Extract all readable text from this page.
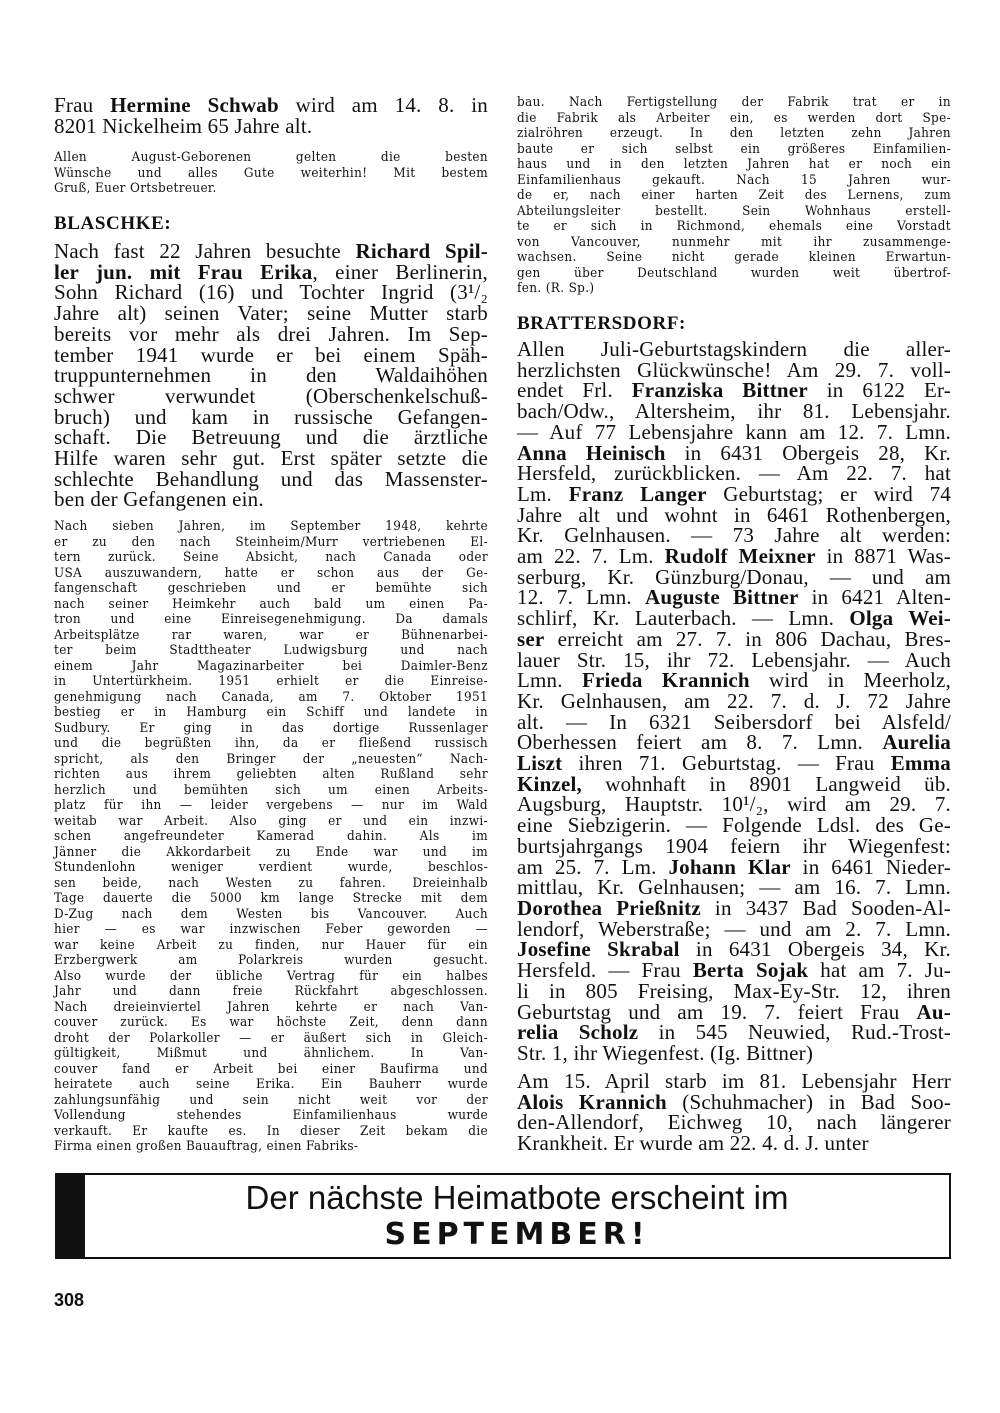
Frau Hermine Schwab wird am 14. 8. in
8201 Nickelheim 65 Jahre alt.
Allen August-Geborenen gelten die besten
Wünsche und alles Gute weiterhin! Mit bestem
Gruß, Euer Ortsbetreuer.
BLASCHKE:
Nach fast 22 Jahren besuchte Richard Spil-
ler jun. mit Frau Erika, einer Berlinerin,
Sohn Richard (16) und Tochter Ingrid (3¹/₂
Jahre alt) seinen Vater; seine Mutter starb
bereits vor mehr als drei Jahren. Im Sep-
tember 1941 wurde er bei einem Späh-
truppunternehmen in den Waldaihöhen
schwer verwundet (Oberschenkelschuß-
bruch) und kam in russische Gefangen-
schaft. Die Betreuung und die ärztliche
Hilfe waren sehr gut. Erst später setzte die
schlechte Behandlung und das Massenster-
ben der Gefangenen ein.
Nach sieben Jahren, im September 1948, kehrte
er zu den nach Steinheim/Murr vertriebenen El-
tern zurück. Seine Absicht, nach Canada oder
USA auszuwandern, hatte er schon aus der Ge-
fangenschaft geschrieben und er bemühte sich
nach seiner Heimkehr auch bald um einen Pa-
tron und eine Einreisegenehmigung. Da damals
Arbeitsplätze rar waren, war er Bühnenarbei-
ter beim Stadttheater Ludwigsburg und nach
einem Jahr Magazinarbeiter bei Daimler-Benz
in Untertürkheim. 1951 erhielt er die Einreise-
genehmigung nach Canada, am 7. Oktober 1951
bestieg er in Hamburg ein Schiff und landete in
Sudbury. Er ging in das dortige Russenlager
und die begrüßten ihn, da er fließend russisch
spricht, als den Bringer der „neuesten“ Nach-
richten aus ihrem geliebten alten Rußland sehr
herzlich und bemühten sich um einen Arbeits-
platz für ihn — leider vergebens — nur im Wald
weitab war Arbeit. Also ging er und ein inzwi-
schen angefreundeter Kamerad dahin. Als im
Jänner die Akkordarbeit zu Ende war und im
Stundenlohn weniger verdient wurde, beschlos-
sen beide, nach Westen zu fahren. Dreieinhalb
Tage dauerte die 5000 km lange Strecke mit dem
D-Zug nach dem Westen bis Vancouver. Auch
hier — es war inzwischen Feber geworden —
war keine Arbeit zu finden, nur Hauer für ein
Erzbergwerk am Polarkreis wurden gesucht.
Also wurde der übliche Vertrag für ein halbes
Jahr und dann freie Rückfahrt abgeschlossen.
Nach dreieinviertel Jahren kehrte er nach Van-
couver zurück. Es war höchste Zeit, denn dann
droht der Polarkoller — er äußert sich in Gleich-
gültigkeit, Mißmut und ähnlichem. In Van-
couver fand er Arbeit bei einer Baufirma und
heiratete auch seine Erika. Ein Bauherr wurde
zahlungsunfähig und sein nicht weit vor der
Vollendung stehendes Einfamilienhaus wurde
verkauft. Er kaufte es. In dieser Zeit bekam die
Firma einen großen Bauauftrag, einen Fabriks-
bau. Nach Fertigstellung der Fabrik trat er in
die Fabrik als Arbeiter ein, es werden dort Spe-
zialröhren erzeugt. In den letzten zehn Jahren
baute er sich selbst ein größeres Einfamilien-
haus und in den letzten Jahren hat er noch ein
Einfamilienhaus gekauft. Nach 15 Jahren wur-
de er, nach einer harten Zeit des Lernens, zum
Abteilungsleiter bestellt. Sein Wohnhaus erstell-
te er sich in Richmond, ehemals eine Vorstadt
von Vancouver, nunmehr mit ihr zusammenge-
wachsen. Seine nicht gerade kleinen Erwartun-
gen über Deutschland wurden weit übertrof-
fen. (R. Sp.)
BRATTERSDORF:
Allen Juli-Geburtstagskindern die aller-
herzlichsten Glückwünsche! Am 29. 7. voll-
endet Frl. Franziska Bittner in 6122 Er-
bach/Odw., Altersheim, ihr 81. Lebensjahr.
— Auf 77 Lebensjahre kann am 12. 7. Lmn.
Anna Heinisch in 6431 Obergeis 28, Kr.
Hersfeld, zurückblicken. — Am 22. 7. hat
Lm. Franz Langer Geburtstag; er wird 74
Jahre alt und wohnt in 6461 Rothenbergen,
Kr. Gelnhausen. — 73 Jahre alt werden:
am 22. 7. Lm. Rudolf Meixner in 8871 Was-
serburg, Kr. Günzburg/Donau, — und am
12. 7. Lmn. Auguste Bittner in 6421 Alten-
schlirf, Kr. Lauterbach. — Lmn. Olga Wei-
ser erreicht am 27. 7. in 806 Dachau, Bres-
lauer Str. 15, ihr 72. Lebensjahr. — Auch
Lmn. Frieda Krannich wird in Meerholz,
Kr. Gelnhausen, am 22. 7. d. J. 72 Jahre
alt. — In 6321 Seibersdorf bei Alsfeld/
Oberhessen feiert am 8. 7. Lmn. Aurelia
Liszt ihren 71. Geburtstag. — Frau Emma
Kinzel, wohnhaft in 8901 Langweid üb.
Augsburg, Hauptstr. 10¹/₂, wird am 29. 7.
eine Siebzigerin. — Folgende Ldsl. des Ge-
burtsjahrgangs 1904 feiern ihr Wiegenfest:
am 25. 7. Lm. Johann Klar in 6461 Nieder-
mittlau, Kr. Gelnhausen; — am 16. 7. Lmn.
Dorothea Prießnitz in 3437 Bad Sooden-Al-
lendorf, Weberstraße; — und am 2. 7. Lmn.
Josefine Skrabal in 6431 Obergeis 34, Kr.
Hersfeld. — Frau Berta Sojak hat am 7. Ju-
li in 805 Freising, Max-Ey-Str. 12, ihren
Geburtstag und am 19. 7. feiert Frau Au-
relia Scholz in 545 Neuwied, Rud.-Trost-
Str. 1, ihr Wiegenfest. (Ig. Bittner)
Am 15. April starb im 81. Lebensjahr Herr
Alois Krannich (Schuhmacher) in Bad Soo-
den-Allendorf, Eichweg 10, nach längerer
Krankheit. Er wurde am 22. 4. d. J. unter
Der nächste Heimatbote erscheint im
SEPTEMBER!
308
